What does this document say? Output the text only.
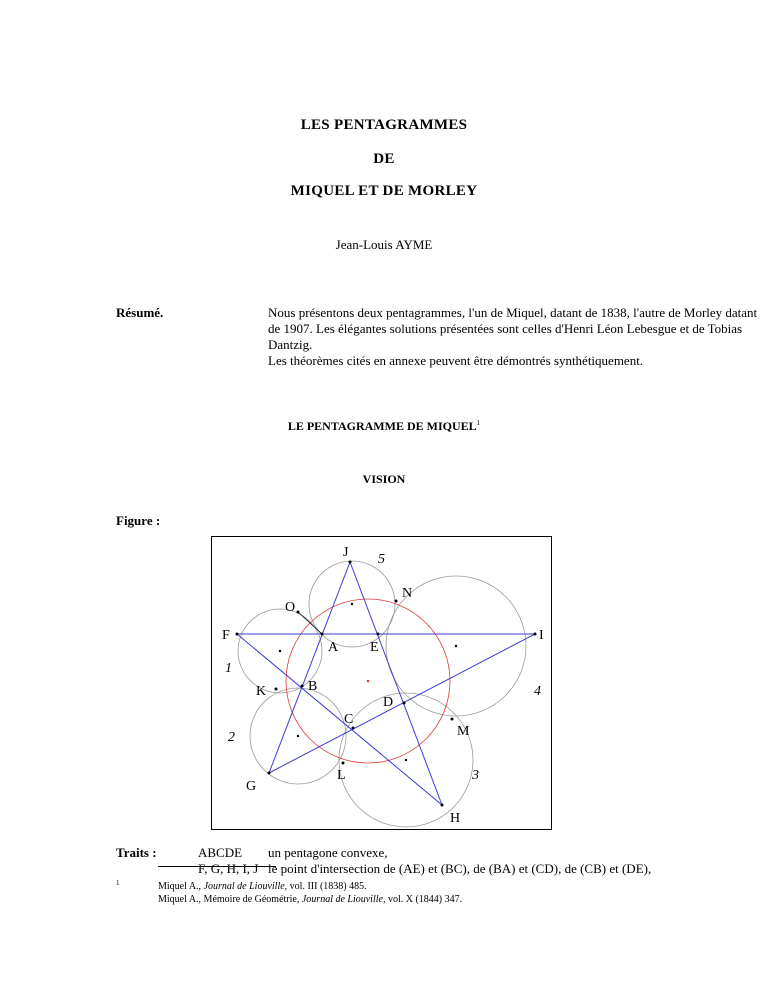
LES PENTAGRAMMES
DE
MIQUEL ET DE MORLEY
Jean-Louis AYME
Résumé.	Nous présentons deux pentagrammes, l'un de Miquel, datant de 1838, l'autre de Morley datant
de 1907. Les élégantes solutions présentées sont celles d'Henri Léon Lebesgue et de Tobias
Dantzig.
Les théorèmes cités en annexe peuvent être démontrés synthétiquement.
LE PENTAGRAMME DE MIQUEL$^1$
VISION
Figure :
J
N
O
F	I
A E
B
K
D
C
M
L
G
H
5
4
1
2
3
Traits :	ABCDE un pentagone convexe,
F, G, H, I, J le point d'intersection de (AE) et (BC), de (BA) et (CD), de (CB) et (DE),
1	Miquel A., Journal de Liouville, vol. III (1838) 485.
Miquel A., Mémoire de Géométrie, Journal de Liouville, vol. X (1844) 347.
